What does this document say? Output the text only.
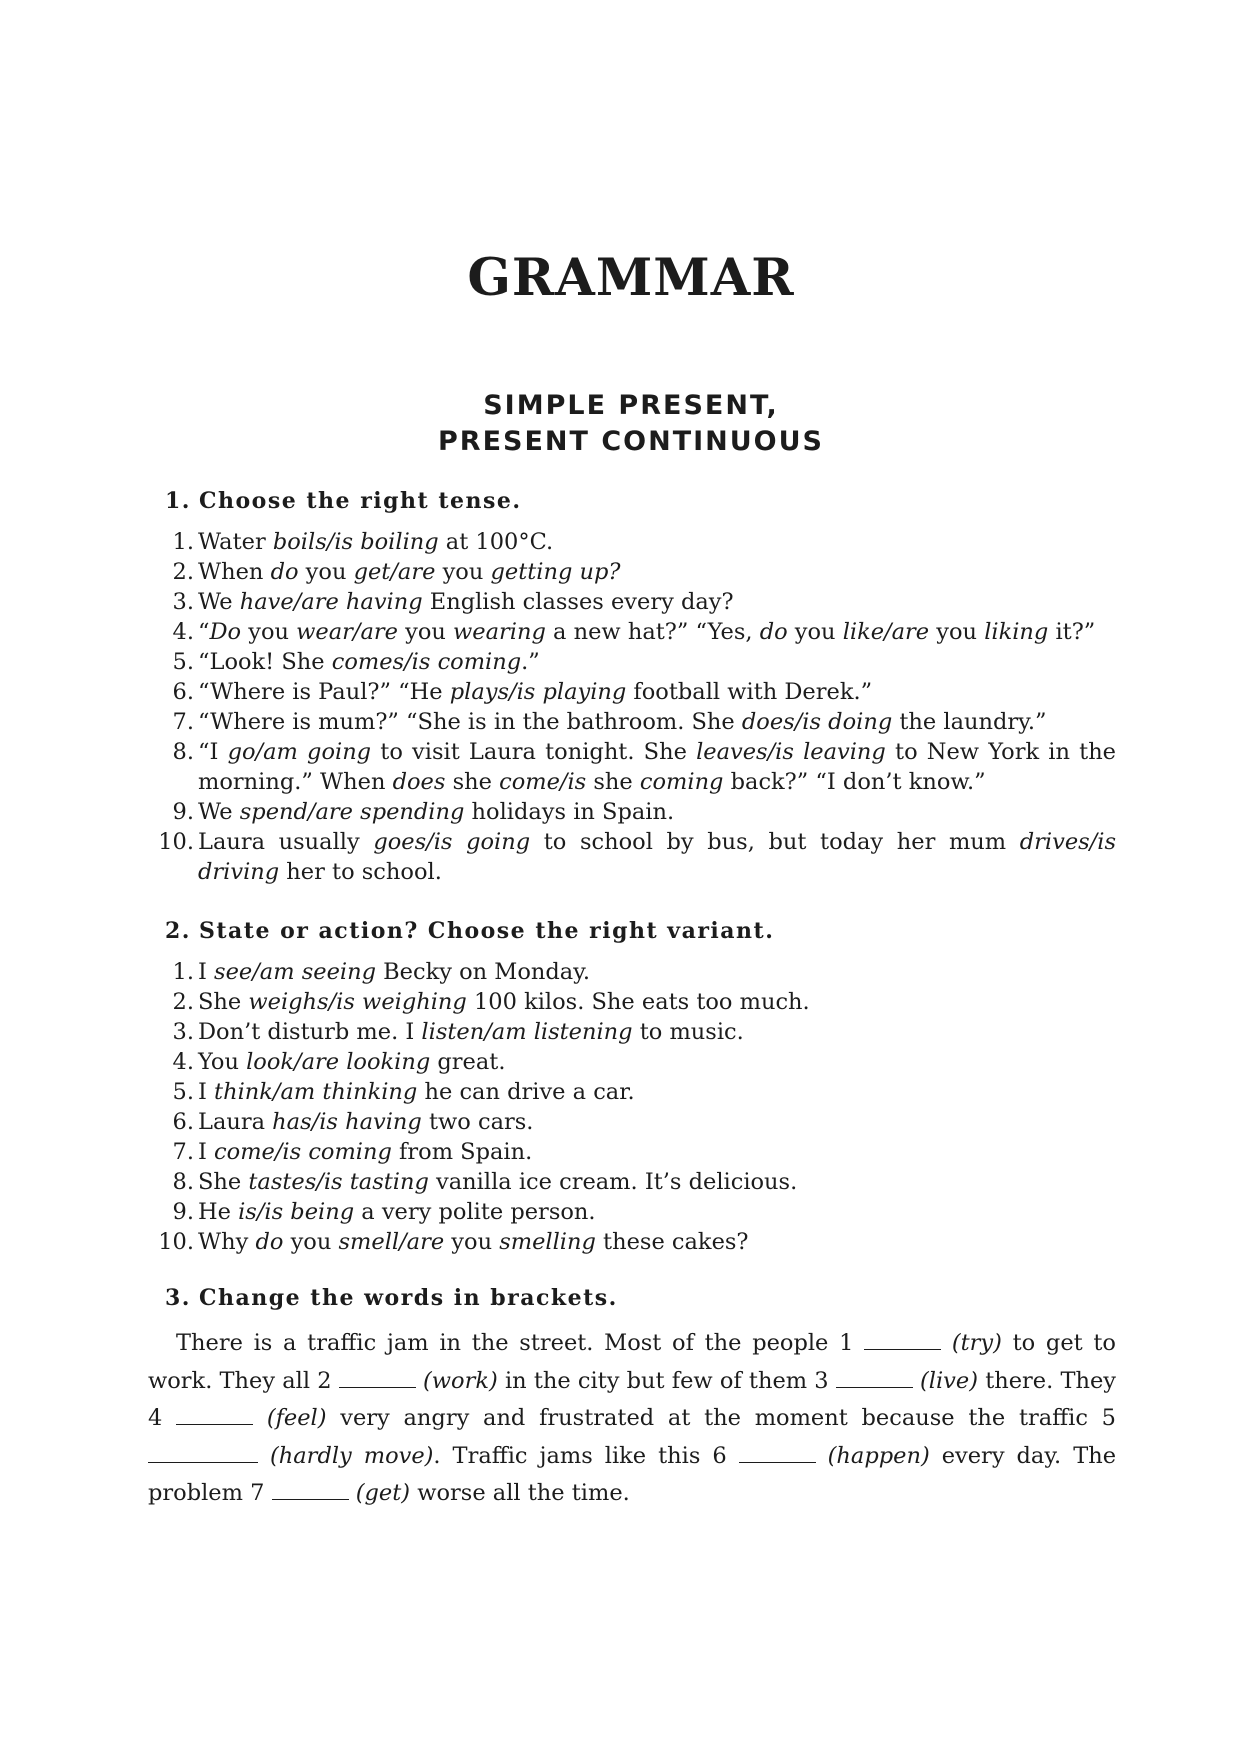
GRAMMAR
SIMPLE PRESENT,
PRESENT CONTINUOUS
1. Choose the right tense.
1. Water boils/is boiling at 100°C.
2. When do you get/are you getting up?
3. We have/are having English classes every day?
4. “Do you wear/are you wearing a new hat?” “Yes, do you like/are you liking it?”
5. “Look! She comes/is coming.”
6. “Where is Paul?” “He plays/is playing football with Derek.”
7. “Where is mum?” “She is in the bathroom. She does/is doing the laundry.”
8. “I go/am going to visit Laura tonight. She leaves/is leaving to New York in the morning.” When does she come/is she coming back?” “I don’t know.”
9. We spend/are spending holidays in Spain.
10. Laura usually goes/is going to school by bus, but today her mum drives/is driving her to school.
2. State or action? Choose the right variant.
1. I see/am seeing Becky on Monday.
2. She weighs/is weighing 100 kilos. She eats too much.
3. Don’t disturb me. I listen/am listening to music.
4. You look/are looking great.
5. I think/am thinking he can drive a car.
6. Laura has/is having two cars.
7. I come/is coming from Spain.
8. She tastes/is tasting vanilla ice cream. It’s delicious.
9. He is/is being a very polite person.
10. Why do you smell/are you smelling these cakes?
3. Change the words in brackets.
There is a traffic jam in the street. Most of the people 1	(try) to get to work. They all 2	(work) in the city but few of them 3	(live) there. They 4	(feel) very angry and frustrated at the moment because the traffic 5  (hardly move). Traffic jams like this 6	(happen) every day. The problem 7	(get) worse all the time.
